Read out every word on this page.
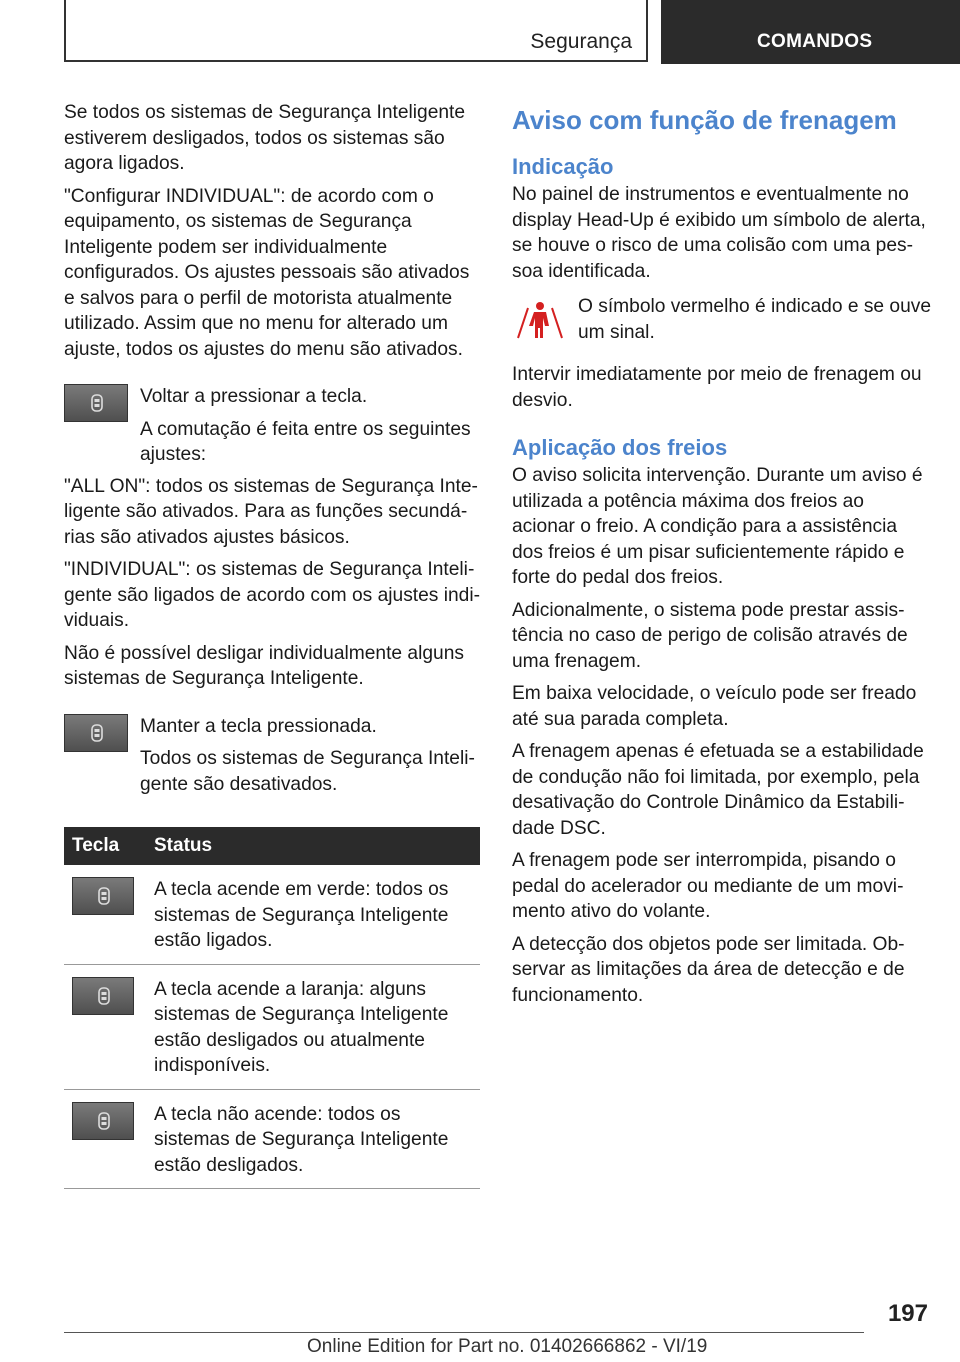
Segurança	COMANDOS

Se todos os sistemas de Segurança Inteligente estiverem desligados, todos os sistemas são agora ligados.

"Configurar INDIVIDUAL": de acordo com o equipamento, os sistemas de Segurança Inteligente podem ser individualmente configurados. Os ajustes pessoais são ativados e salvos para o perfil de motorista atualmente utilizado. Assim que no menu for alterado um ajuste, todos os ajustes do menu são ativados.

Voltar a pressionar a tecla.

A comutação é feita entre os seguintes ajustes:

"ALL ON": todos os sistemas de Segurança Inteligente são ativados. Para as funções secundárias são ativados ajustes básicos.

"INDIVIDUAL": os sistemas de Segurança Inteligente são ligados de acordo com os ajustes individuais.

Não é possível desligar individualmente alguns sistemas de Segurança Inteligente.

Manter a tecla pressionada.

Todos os sistemas de Segurança Inteligente são desativados.

Tecla	Status

	A tecla acende em verde: todos os sistemas de Segurança Inteligente estão ligados.

	A tecla acende a laranja: alguns sistemas de Segurança Inteligente estão desligados ou atualmente indisponíveis.

	A tecla não acende: todos os sistemas de Segurança Inteligente estão desligados.
Aviso com função de frenagem
Indicação

No painel de instrumentos e eventualmente no display Head-Up é exibido um símbolo de alerta, se houve o risco de uma colisão com uma pessoa identificada.

O símbolo vermelho é indicado e se ouve um sinal.

Intervir imediatamente por meio de frenagem ou desvio.

Aplicação dos freios

O aviso solicita intervenção. Durante um aviso é utilizada a potência máxima dos freios ao acionar o freio. A condição para a assistência dos freios é um pisar suficientemente rápido e forte do pedal dos freios.

Adicionalmente, o sistema pode prestar assistência no caso de perigo de colisão através de uma frenagem.

Em baixa velocidade, o veículo pode ser freado até sua parada completa.

A frenagem apenas é efetuada se a estabilidade de condução não foi limitada, por exemplo, pela desativação do Controle Dinâmico da Estabilidade DSC.

A frenagem pode ser interrompida, pisando o pedal do acelerador ou mediante de um movimento ativo do volante.

A detecção dos objetos pode ser limitada. Observar as limitações da área de detecção e de funcionamento.

197
Online Edition for Part no. 01402666862 - VI/19
